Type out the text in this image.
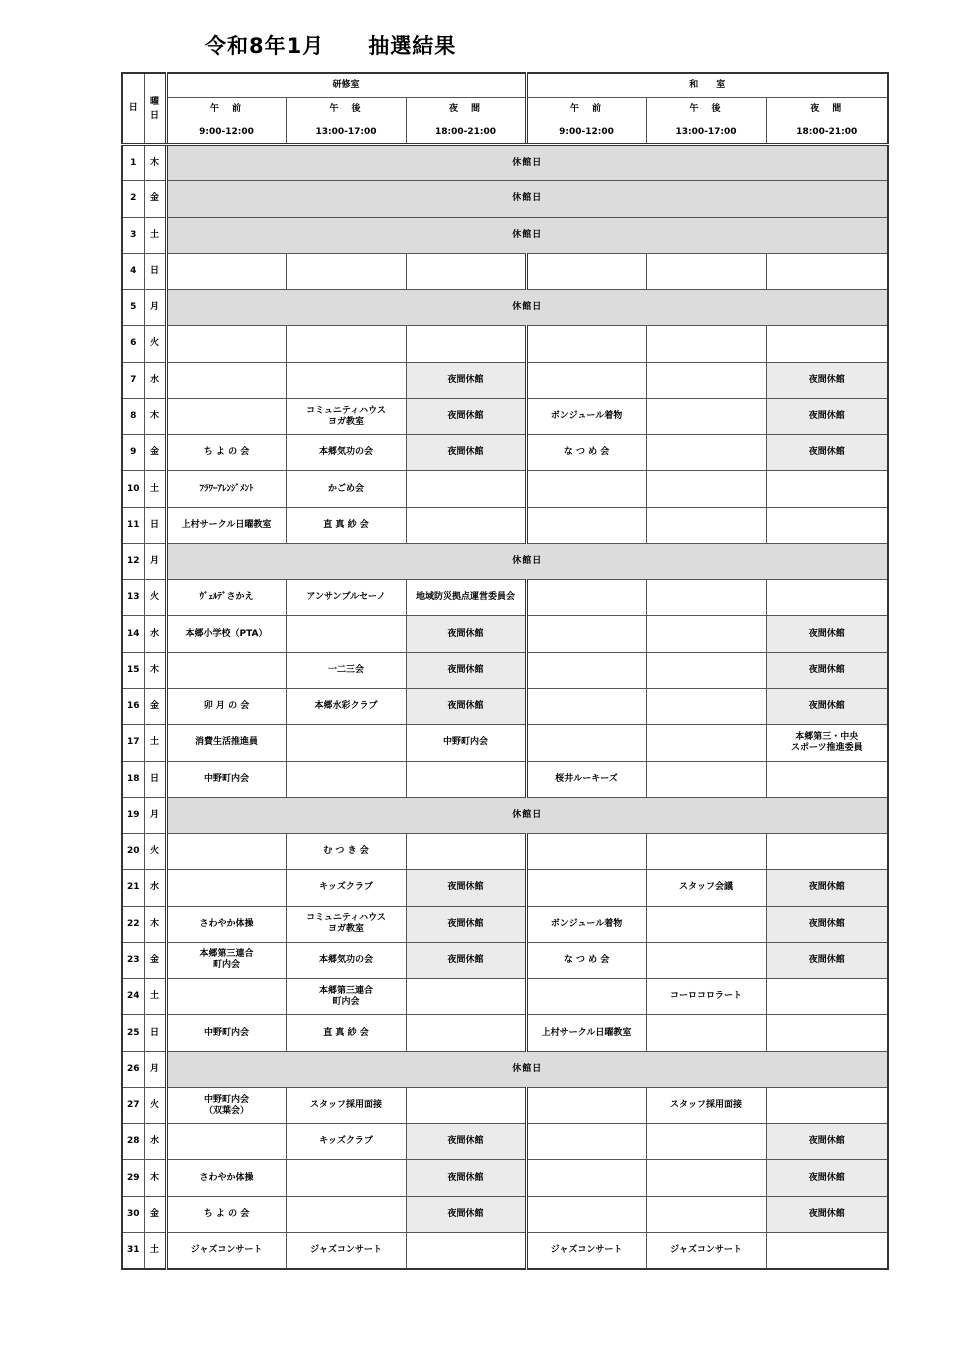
令和8年1月　　抽選結果
日	曜
日	研修室			和　　室		
		午　前	午　後	夜　間	午　前	午　後	夜　間
		9:00-12:00	13:00-17:00	18:00-21:00	9:00-12:00	13:00-17:00	18:00-21:00
1	木	休館日					
2	金	休館日					
3	土	休館日					
4	日						
5	月	休館日					
6	火						
7	水			夜間休館			夜間休館
8	木		コミュニティハウス
ヨガ教室	夜間休館	ボンジュール着物		夜間休館
9	金	ち よ の 会	本郷気功の会	夜間休館	な つ め 会		夜間休館
10	土	ﾌﾗﾜｰｱﾚﾝｼﾞﾒﾝﾄ	かごめ会				
11	日	上村サークル日曜教室	直 真 紗 会				
12	月	休館日					
13	火	ｳﾞｪﾙﾃﾞさかえ	アンサンブルセーノ	地域防災拠点運営委員会			
14	水	本郷小学校（PTA）		夜間休館			夜間休館
15	木		一二三会	夜間休館			夜間休館
16	金	卯 月 の 会	本郷水彩クラブ	夜間休館			夜間休館
17	土	消費生活推進員		中野町内会			本郷第三・中央
スポーツ推進委員
18	日	中野町内会			桜井ルーキーズ		
19	月	休館日					
20	火		む つ き 会				
21	水		キッズクラブ	夜間休館		スタッフ会議	夜間休館
22	木	さわやか体操	コミュニティハウス
ヨガ教室	夜間休館	ボンジュール着物		夜間休館
23	金	本郷第三連合
町内会	本郷気功の会	夜間休館	な つ め 会		夜間休館
24	土		本郷第三連合
町内会			コーロコロラート	
25	日	中野町内会	直 真 紗 会		上村サークル日曜教室		
26	月	休館日					
27	火	中野町内会
（双葉会）	スタッフ採用面接			スタッフ採用面接	
28	水		キッズクラブ	夜間休館			夜間休館
29	木	さわやか体操		夜間休館			夜間休館
30	金	ち よ の 会		夜間休館			夜間休館
31	土	ジャズコンサート	ジャズコンサート		ジャズコンサート	ジャズコンサート	
